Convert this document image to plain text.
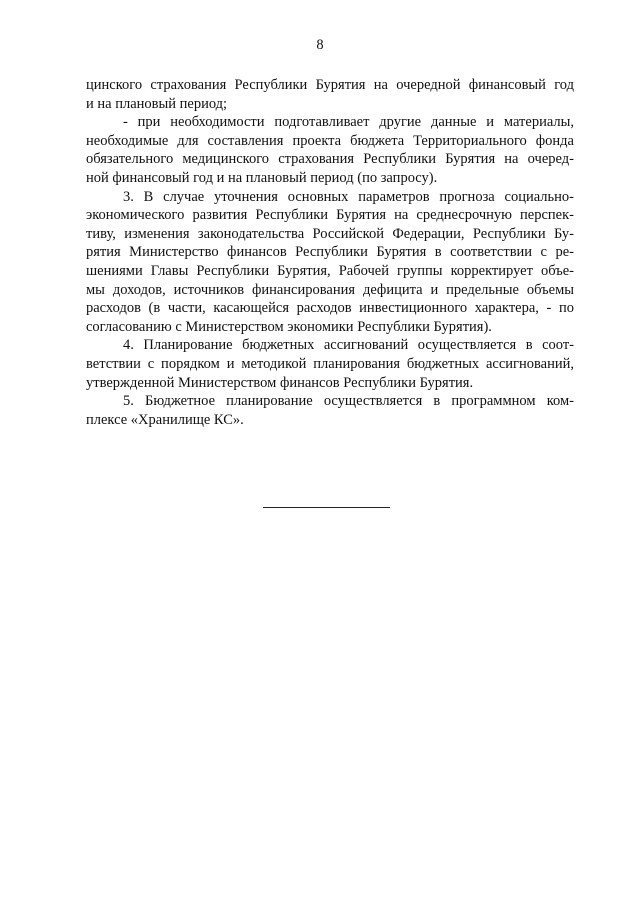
8
цинского страхования Республики Бурятия на очередной финансовый год
и на плановый период;
- при необходимости подготавливает другие данные и материалы,
необходимые для составления проекта бюджета Территориального фонда
обязательного медицинского страхования Республики Бурятия на очеред-
ной финансовый год и на плановый период (по запросу).
3. В случае уточнения основных параметров прогноза социально-
экономического развития Республики Бурятия на среднесрочную перспек-
тиву, изменения законодательства Российской Федерации, Республики Бу-
рятия Министерство финансов Республики Бурятия в соответствии с ре-
шениями Главы Республики Бурятия, Рабочей группы корректирует объе-
мы доходов, источников финансирования дефицита и предельные объемы
расходов (в части, касающейся расходов инвестиционного характера, - по
согласованию с Министерством экономики Республики Бурятия).
4. Планирование бюджетных ассигнований осуществляется в соот-
ветствии с порядком и методикой планирования бюджетных ассигнований,
утвержденной Министерством финансов Республики Бурятия.
5. Бюджетное планирование осуществляется в программном ком-
плексе «Хранилище КС».
